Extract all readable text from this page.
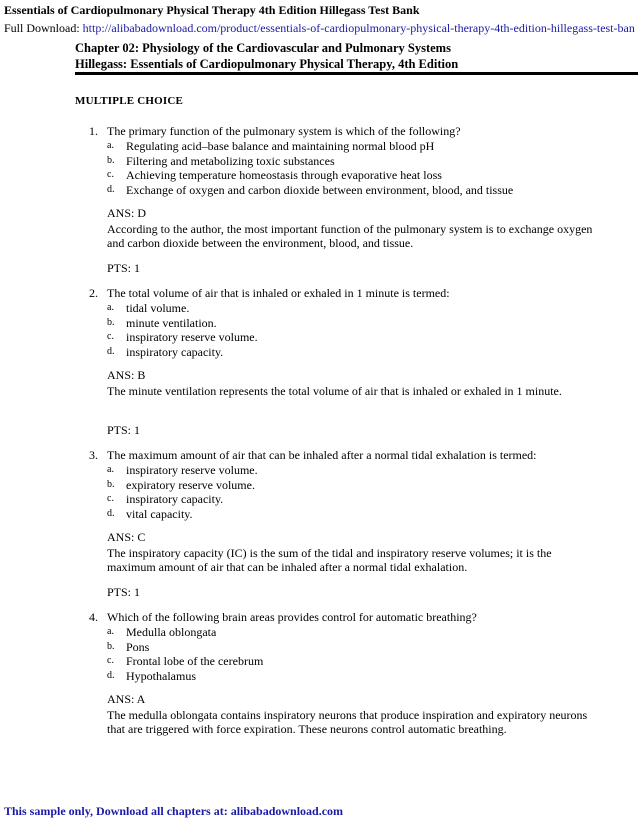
Essentials of Cardiopulmonary Physical Therapy 4th Edition Hillegass Test Bank
Full Download: http://alibabadownload.com/product/essentials-of-cardiopulmonary-physical-therapy-4th-edition-hillegass-test-ban
Chapter 02: Physiology of the Cardiovascular and Pulmonary Systems
Hillegass: Essentials of Cardiopulmonary Physical Therapy, 4th Edition
MULTIPLE CHOICE
1. The primary function of the pulmonary system is which of the following?
a. Regulating acid–base balance and maintaining normal blood pH
b. Filtering and metabolizing toxic substances
c. Achieving temperature homeostasis through evaporative heat loss
d. Exchange of oxygen and carbon dioxide between environment, blood, and tissue
ANS: D
According to the author, the most important function of the pulmonary system is to exchange oxygen and carbon dioxide between the environment, blood, and tissue.
PTS: 1
2. The total volume of air that is inhaled or exhaled in 1 minute is termed:
a. tidal volume.
b. minute ventilation.
c. inspiratory reserve volume.
d. inspiratory capacity.
ANS: B
The minute ventilation represents the total volume of air that is inhaled or exhaled in 1 minute.
PTS: 1
3. The maximum amount of air that can be inhaled after a normal tidal exhalation is termed:
a. inspiratory reserve volume.
b. expiratory reserve volume.
c. inspiratory capacity.
d. vital capacity.
ANS: C
The inspiratory capacity (IC) is the sum of the tidal and inspiratory reserve volumes; it is the maximum amount of air that can be inhaled after a normal tidal exhalation.
PTS: 1
4. Which of the following brain areas provides control for automatic breathing?
a. Medulla oblongata
b. Pons
c. Frontal lobe of the cerebrum
d. Hypothalamus
ANS: A
The medulla oblongata contains inspiratory neurons that produce inspiration and expiratory neurons that are triggered with force expiration. These neurons control automatic breathing.
This sample only, Download all chapters at: alibabadownload.com
